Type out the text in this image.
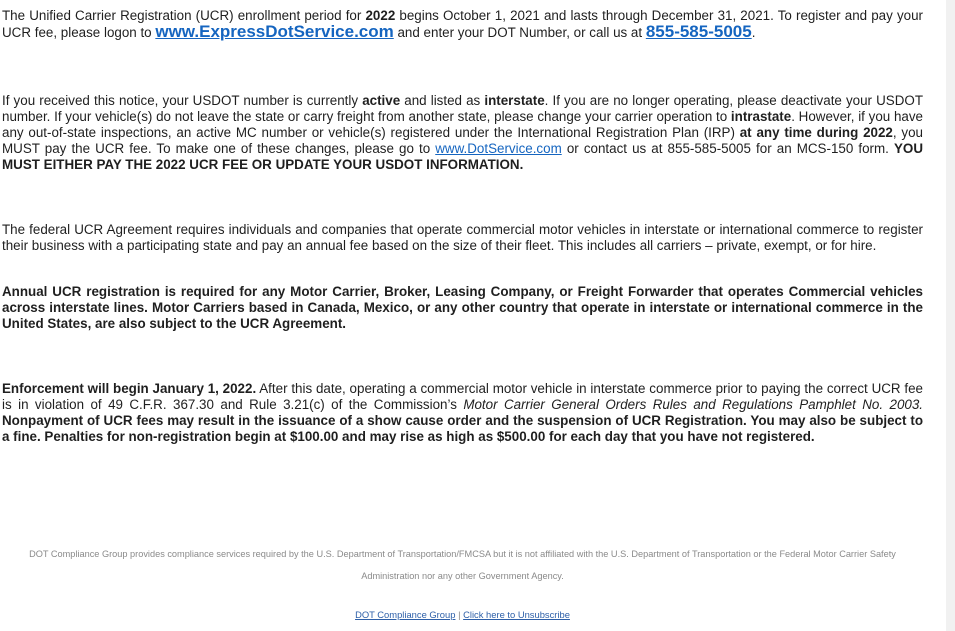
The Unified Carrier Registration (UCR) enrollment period for 2022 begins October 1, 2021 and lasts through December 31, 2021. To register and pay your UCR fee, please logon to www.ExpressDotService.com and enter your DOT Number, or call us at 855-585-5005.

If you received this notice, your USDOT number is currently active and listed as interstate. If you are no longer operating, please deactivate your USDOT number. If your vehicle(s) do not leave the state or carry freight from another state, please change your carrier operation to intrastate. However, if you have any out-of-state inspections, an active MC number or vehicle(s) registered under the International Registration Plan (IRP) at any time during 2022, you MUST pay the UCR fee. To make one of these changes, please go to www.DotService.com or contact us at 855-585-5005 for an MCS-150 form. YOU MUST EITHER PAY THE 2022 UCR FEE OR UPDATE YOUR USDOT INFORMATION.

The federal UCR Agreement requires individuals and companies that operate commercial motor vehicles in interstate or international commerce to register their business with a participating state and pay an annual fee based on the size of their fleet. This includes all carriers – private, exempt, or for hire.

Annual UCR registration is required for any Motor Carrier, Broker, Leasing Company, or Freight Forwarder that operates Commercial vehicles across interstate lines. Motor Carriers based in Canada, Mexico, or any other country that operate in interstate or international commerce in the United States, are also subject to the UCR Agreement.

Enforcement will begin January 1, 2022. After this date, operating a commercial motor vehicle in interstate commerce prior to paying the correct UCR fee is in violation of 49 C.F.R. 367.30 and Rule 3.21(c) of the Commission’s Motor Carrier General Orders Rules and Regulations Pamphlet No. 2003. Nonpayment of UCR fees may result in the issuance of a show cause order and the suspension of UCR Registration. You may also be subject to a fine. Penalties for non-registration begin at $100.00 and may rise as high as $500.00 for each day that you have not registered.

DOT Compliance Group provides compliance services required by the U.S. Department of Transportation/FMCSA but it is not affiliated with the U.S. Department of Transportation or the Federal Motor Carrier Safety Administration nor any other Government Agency.
DOT Compliance Group | Click here to Unsubscribe
